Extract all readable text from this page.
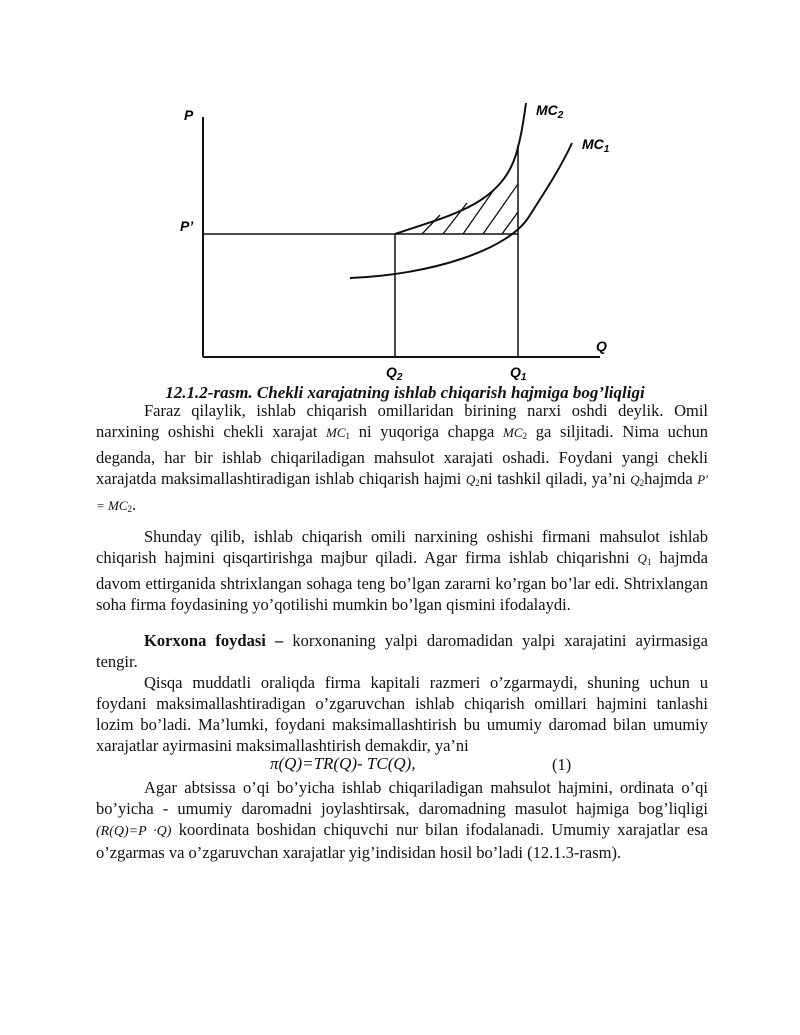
P
P’
Q
$Q_2$	$Q_1$
$MC_2$
$MC_1$
12.1.2-rasm. Chekli xarajatning ishlab chiqarish hajmiga bog’liqligi

Faraz qilaylik, ishlab chiqarish omillaridan birining narxi oshdi deylik. Omil narxining oshishi chekli xarajat $MC_1$ ni yuqoriga chapga $MC_2$ ga siljitadi. Nima uchun deganda, har bir ishlab chiqariladigan mahsulot xarajati oshadi. Foydani yangi chekli xarajatda maksimallashtiradigan ishlab chiqarish hajmi $Q_2ni$ tashkil qiladi, ya’ni $Q_2hajmda$ $P' = MC_2$.

Shunday qilib, ishlab chiqarish omili narxining oshishi firmani mahsulot ishlab chiqarish hajmini qisqartirishga majbur qiladi. Agar firma ishlab chiqarishni $Q_1$ hajmda davom ettirganida shtrixlangan sohaga teng bo’lgan zararni ko’rgan bo’lar edi. Shtrixlangan soha firma foydasining yo’qotilishi mumkin bo’lgan qismini ifodalaydi.

Korxona foydasi – korxonaning yalpi daromadidan yalpi xarajatini ayirmasiga tengir.

Qisqa muddatli oraliqda firma kapitali razmeri o’zgarmaydi, shuning uchun u foydani maksimallashtiradigan o’zgaruvchan ishlab chiqarish omillari hajmini tanlashi lozim bo’ladi. Ma’lumki, foydani maksimallashtirish bu umumiy daromad bilan umumiy xarajatlar ayirmasini maksimallashtirish demakdir, ya’ni

π(Q)=TR(Q)- TC(Q),	(1)

Agar abtsissa o’qi bo’yicha ishlab chiqariladigan mahsulot hajmini, ordinata o’qi bo’yicha - umumiy daromadni joylashtirsak, daromadning masulot hajmiga bog’liqligi (R(Q)=P ·Q) koordinata boshidan chiquvchi nur bilan ifodalanadi. Umumiy xarajatlar esa o’zgarmas va o’zgaruvchan xarajatlar yig’indisidan hosil bo’ladi (12.1.3-rasm).
